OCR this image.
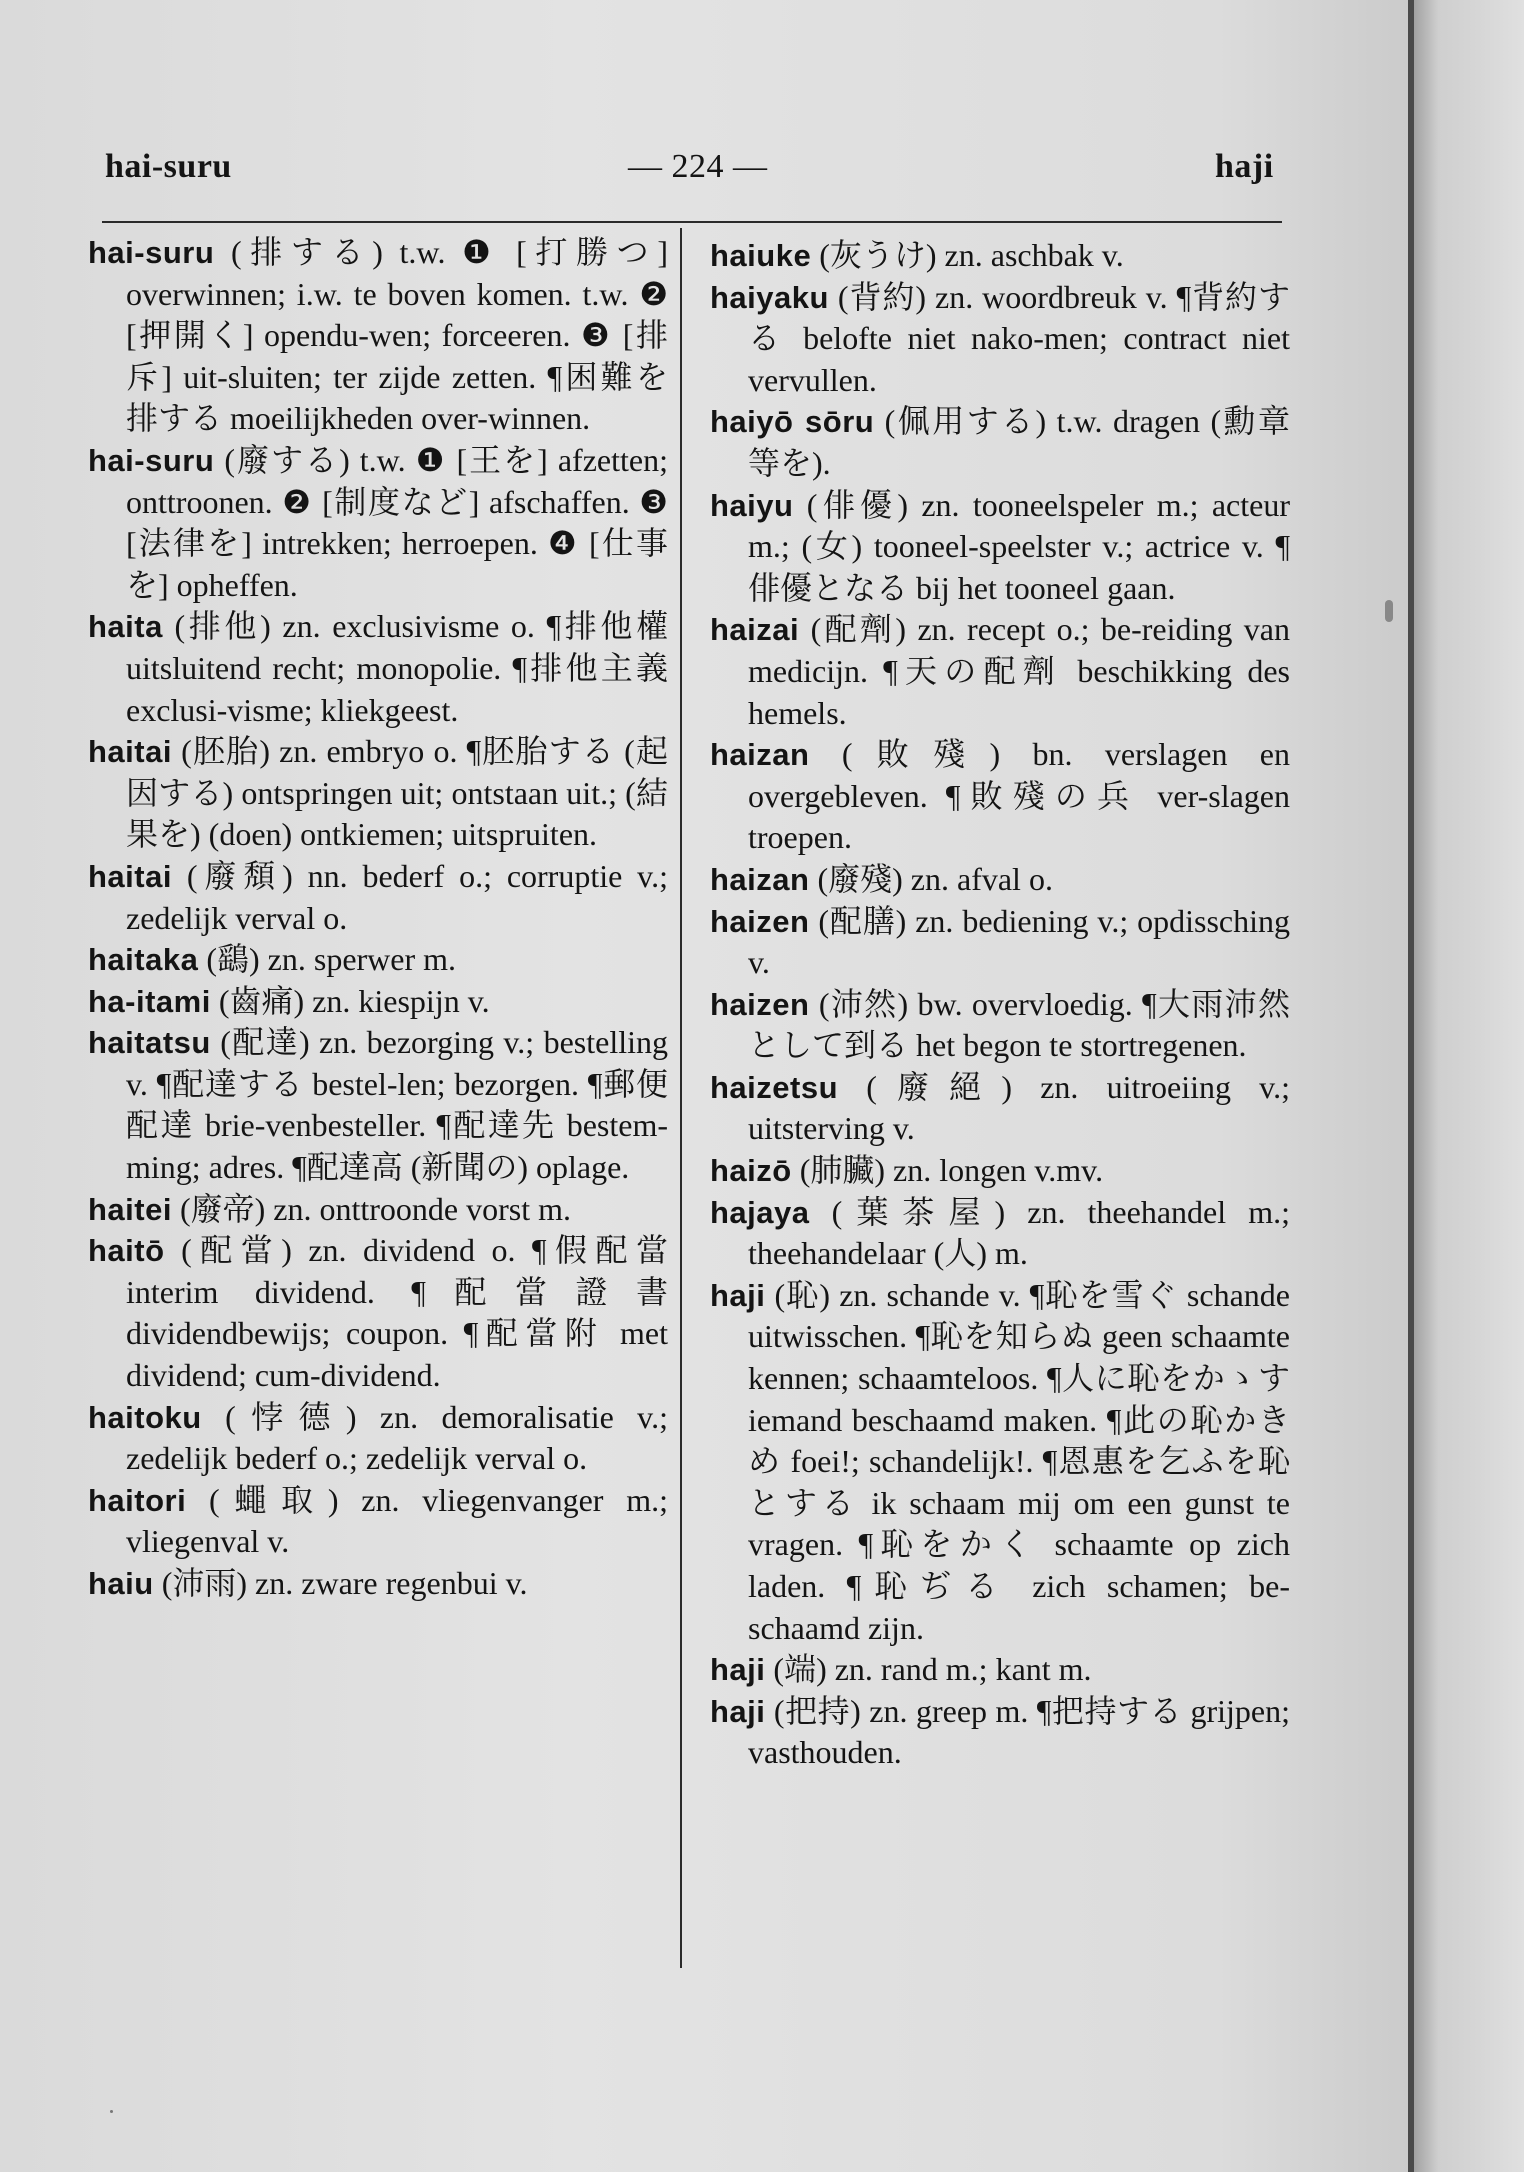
hai-suru	— 224 —	haji

hai-suru (排する) t.w. ❶ [打勝つ] overwinnen; i.w. te boven komen. t.w. ❷ [押開く] opendu-wen; forceeren. ❸ [排斥] uit-sluiten; ter zijde zetten. ¶困難を排する moeilijkheden over-winnen.

hai-suru (廢する) t.w. ❶ [王を] afzetten; onttroonen. ❷ [制度など] afschaffen. ❸ [法律を] intrekken; herroepen. ❹ [仕事を] opheffen.

haita (排他) zn. exclusivisme o. ¶排他權 uitsluitend recht; monopolie. ¶排他主義 exclusi-visme; kliekgeest.

haitai (胚胎) zn. embryo o. ¶胚胎する (起因する) ontspringen uit; ontstaan uit.; (結果を) (doen) ontkiemen; uitspruiten.

haitai (廢頽) nn. bederf o.; corruptie v.; zedelijk verval o.

haitaka (鷂) zn. sperwer m.

ha-itami (齒痛) zn. kiespijn v.

haitatsu (配達) zn. bezorging v.; bestelling v. ¶配達する bestel-len; bezorgen. ¶郵便配達 brie-venbesteller. ¶配達先 bestem-ming; adres. ¶配達高 (新聞の) oplage.

haitei (廢帝) zn. onttroonde vorst m.

haitō (配當) zn. dividend o. ¶假配當 interim dividend. ¶配當證書 dividendbewijs; coupon. ¶配當附 met dividend; cum-dividend.

haitoku (悖德) zn. demoralisatie v.; zedelijk bederf o.; zedelijk verval o.

haitori (蠅取) zn. vliegenvanger m.; vliegenval v.

haiu (沛雨) zn. zware regenbui v.

haiuke (灰うけ) zn. aschbak v.

haiyaku (背約) zn. woordbreuk v. ¶背約する belofte niet nako-men; contract niet vervullen.

haiyō sōru (佩用する) t.w. dragen (勳章等を).

haiyu (俳優) zn. tooneelspeler m.; acteur m.; (女) tooneel-speelster v.; actrice v. ¶俳優となる bij het tooneel gaan.

haizai (配劑) zn. recept o.; be-reiding van medicijn. ¶天の配劑 beschikking des hemels.

haizan (敗殘) bn. verslagen en overgebleven. ¶敗殘の兵 ver-slagen troepen.

haizan (廢殘) zn. afval o.

haizen (配膳) zn. bediening v.; opdissching v.

haizen (沛然) bw. overvloedig. ¶大雨沛然として到る het begon te stortregenen.

haizetsu (廢絕) zn. uitroeiing v.; uitsterving v.

haizō (肺臟) zn. longen v.mv.

hajaya (葉茶屋) zn. theehandel m.; theehandelaar (人) m.

haji (恥) zn. schande v. ¶恥を雪ぐ schande uitwisschen. ¶恥を知らぬ geen schaamte kennen; schaamteloos. ¶人に恥をかゝす iemand beschaamd maken. ¶此の恥かきめ foei!; schandelijk!. ¶恩惠を乞ふを恥とする ik schaam mij om een gunst te vragen. ¶恥をかく schaamte op zich laden. ¶恥ぢる zich schamen; be-schaamd zijn.

haji (端) zn. rand m.; kant m.

haji (把持) zn. greep m. ¶把持する grijpen; vasthouden.
